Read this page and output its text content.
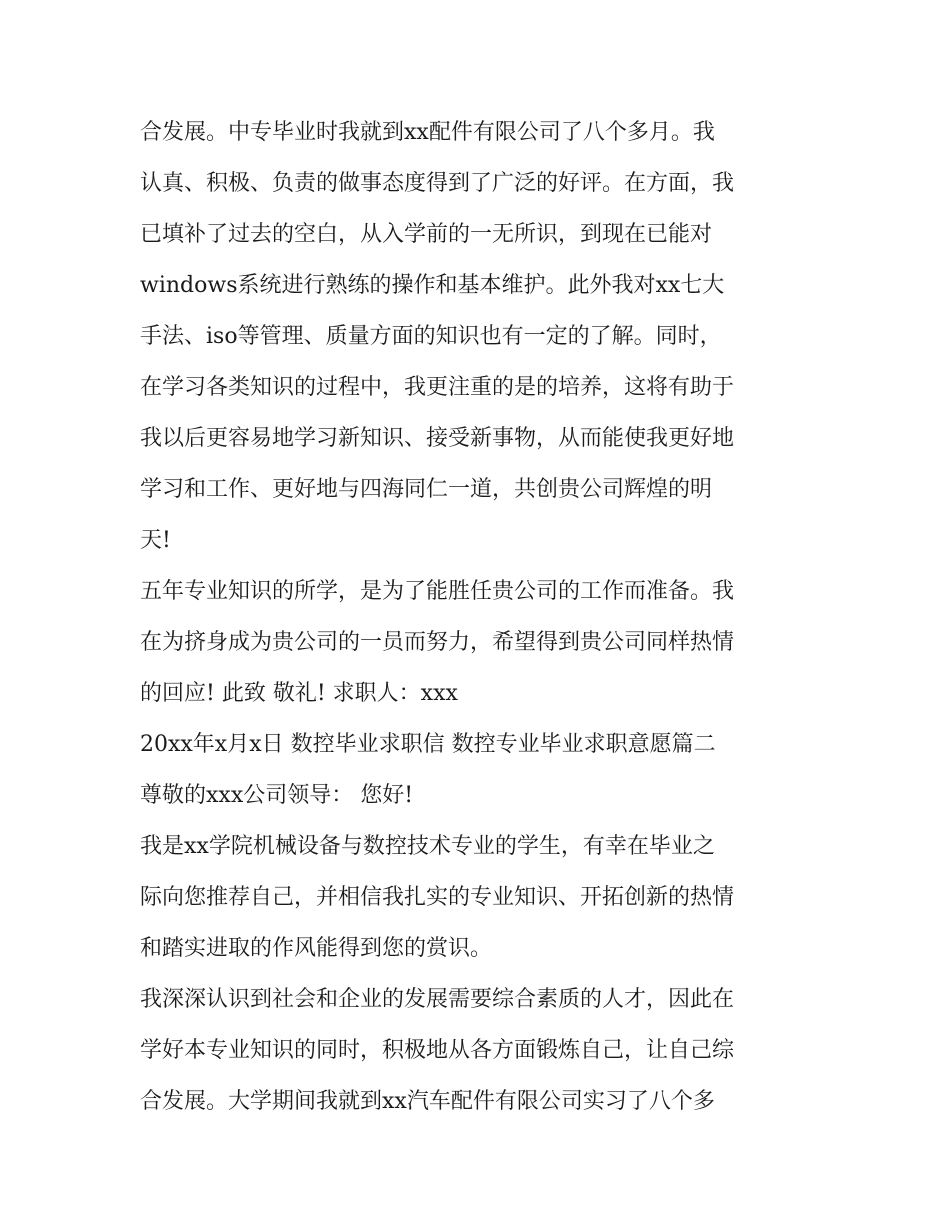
合发展。中专毕业时我就到xx配件有限公司了八个多月。我
认真、积极、负责的做事态度得到了广泛的好评。在方面，我
已填补了过去的空白，从入学前的一无所识，到现在已能对
windows系统进行熟练的操作和基本维护。此外我对xx七大
手法、iso等管理、质量方面的知识也有一定的了解。同时，
在学习各类知识的过程中，我更注重的是的培养，这将有助于
我以后更容易地学习新知识、接受新事物，从而能使我更好地
学习和工作、更好地与四海同仁一道，共创贵公司辉煌的明
天!
五年专业知识的所学，是为了能胜任贵公司的工作而准备。我
在为挤身成为贵公司的一员而努力，希望得到贵公司同样热情
的回应! 此致 敬礼! 求职人：xxx
20xx年x月x日 数控毕业求职信 数控专业毕业求职意愿篇二
尊敬的xxx公司领导： 您好!
我是xx学院机械设备与数控技术专业的学生，有幸在毕业之
际向您推荐自己，并相信我扎实的专业知识、开拓创新的热情
和踏实进取的作风能得到您的赏识。
我深深认识到社会和企业的发展需要综合素质的人才，因此在
学好本专业知识的同时，积极地从各方面锻炼自己，让自己综
合发展。大学期间我就到xx汽车配件有限公司实习了八个多
